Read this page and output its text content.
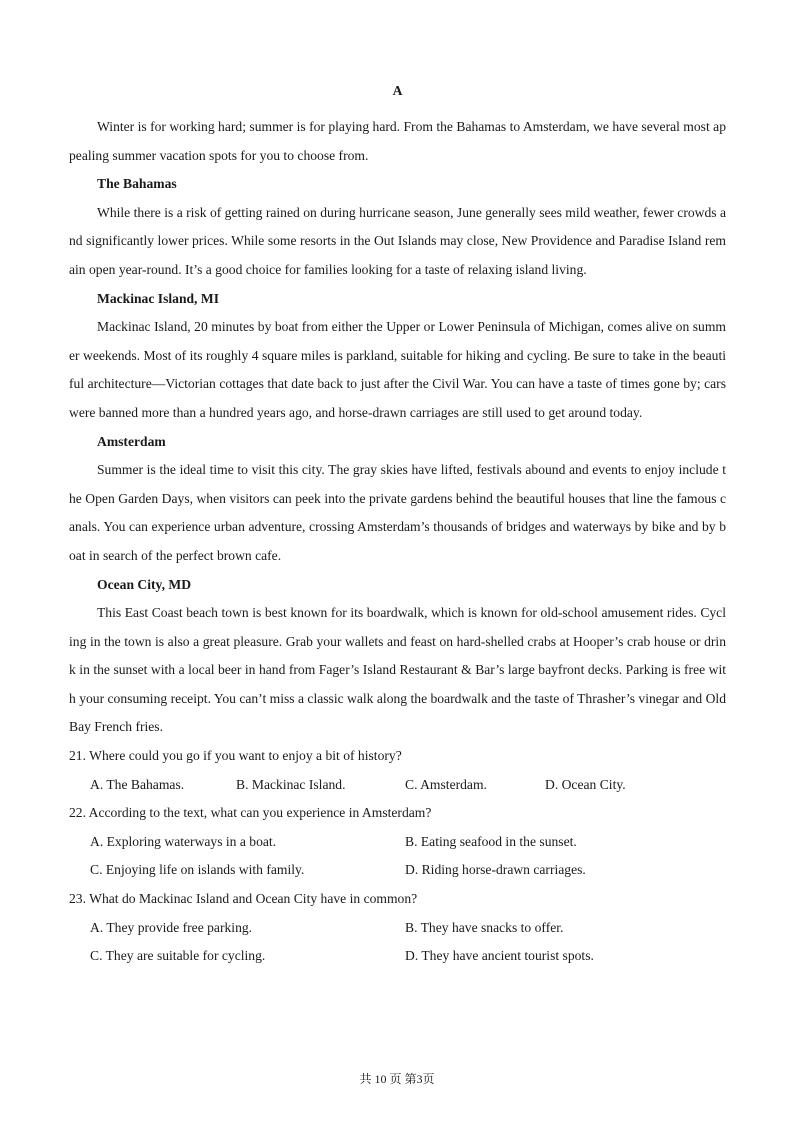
A

Winter is for working hard; summer is for playing hard. From the Bahamas to Amsterdam, we have several most appealing summer vacation spots for you to choose from.

The Bahamas

While there is a risk of getting rained on during hurricane season, June generally sees mild weather, fewer crowds and significantly lower prices. While some resorts in the Out Islands may close, New Providence and Paradise Island remain open year-round. It’s a good choice for families looking for a taste of relaxing island living.

Mackinac Island, MI

Mackinac Island, 20 minutes by boat from either the Upper or Lower Peninsula of Michigan, comes alive on summer weekends. Most of its roughly 4 square miles is parkland, suitable for hiking and cycling. Be sure to take in the beautiful architecture—Victorian cottages that date back to just after the Civil War. You can have a taste of times gone by; cars were banned more than a hundred years ago, and horse-drawn carriages are still used to get around today.

Amsterdam

Summer is the ideal time to visit this city. The gray skies have lifted, festivals abound and events to enjoy include the Open Garden Days, when visitors can peek into the private gardens behind the beautiful houses that line the famous canals. You can experience urban adventure, crossing Amsterdam’s thousands of bridges and waterways by bike and by boat in search of the perfect brown cafe.

Ocean City, MD

This East Coast beach town is best known for its boardwalk, which is known for old-school amusement rides. Cycling in the town is also a great pleasure. Grab your wallets and feast on hard-shelled crabs at Hooper’s crab house or drink in the sunset with a local beer in hand from Fager’s Island Restaurant & Bar’s large bayfront decks. Parking is free with your consuming receipt. You can’t miss a classic walk along the boardwalk and the taste of Thrasher’s vinegar and Old Bay French fries.

21. Where could you go if you want to enjoy a bit of history?

A. The Bahamas.	B. Mackinac Island.	C. Amsterdam.	D. Ocean City.

22. According to the text, what can you experience in Amsterdam?

A. Exploring waterways in a boat.	B. Eating seafood in the sunset.
C. Enjoying life on islands with family.	D. Riding horse-drawn carriages.

23. What do Mackinac Island and Ocean City have in common?

A. They provide free parking.	B. They have snacks to offer.
C. They are suitable for cycling.	D. They have ancient tourist spots.
共 10 页 第3页
